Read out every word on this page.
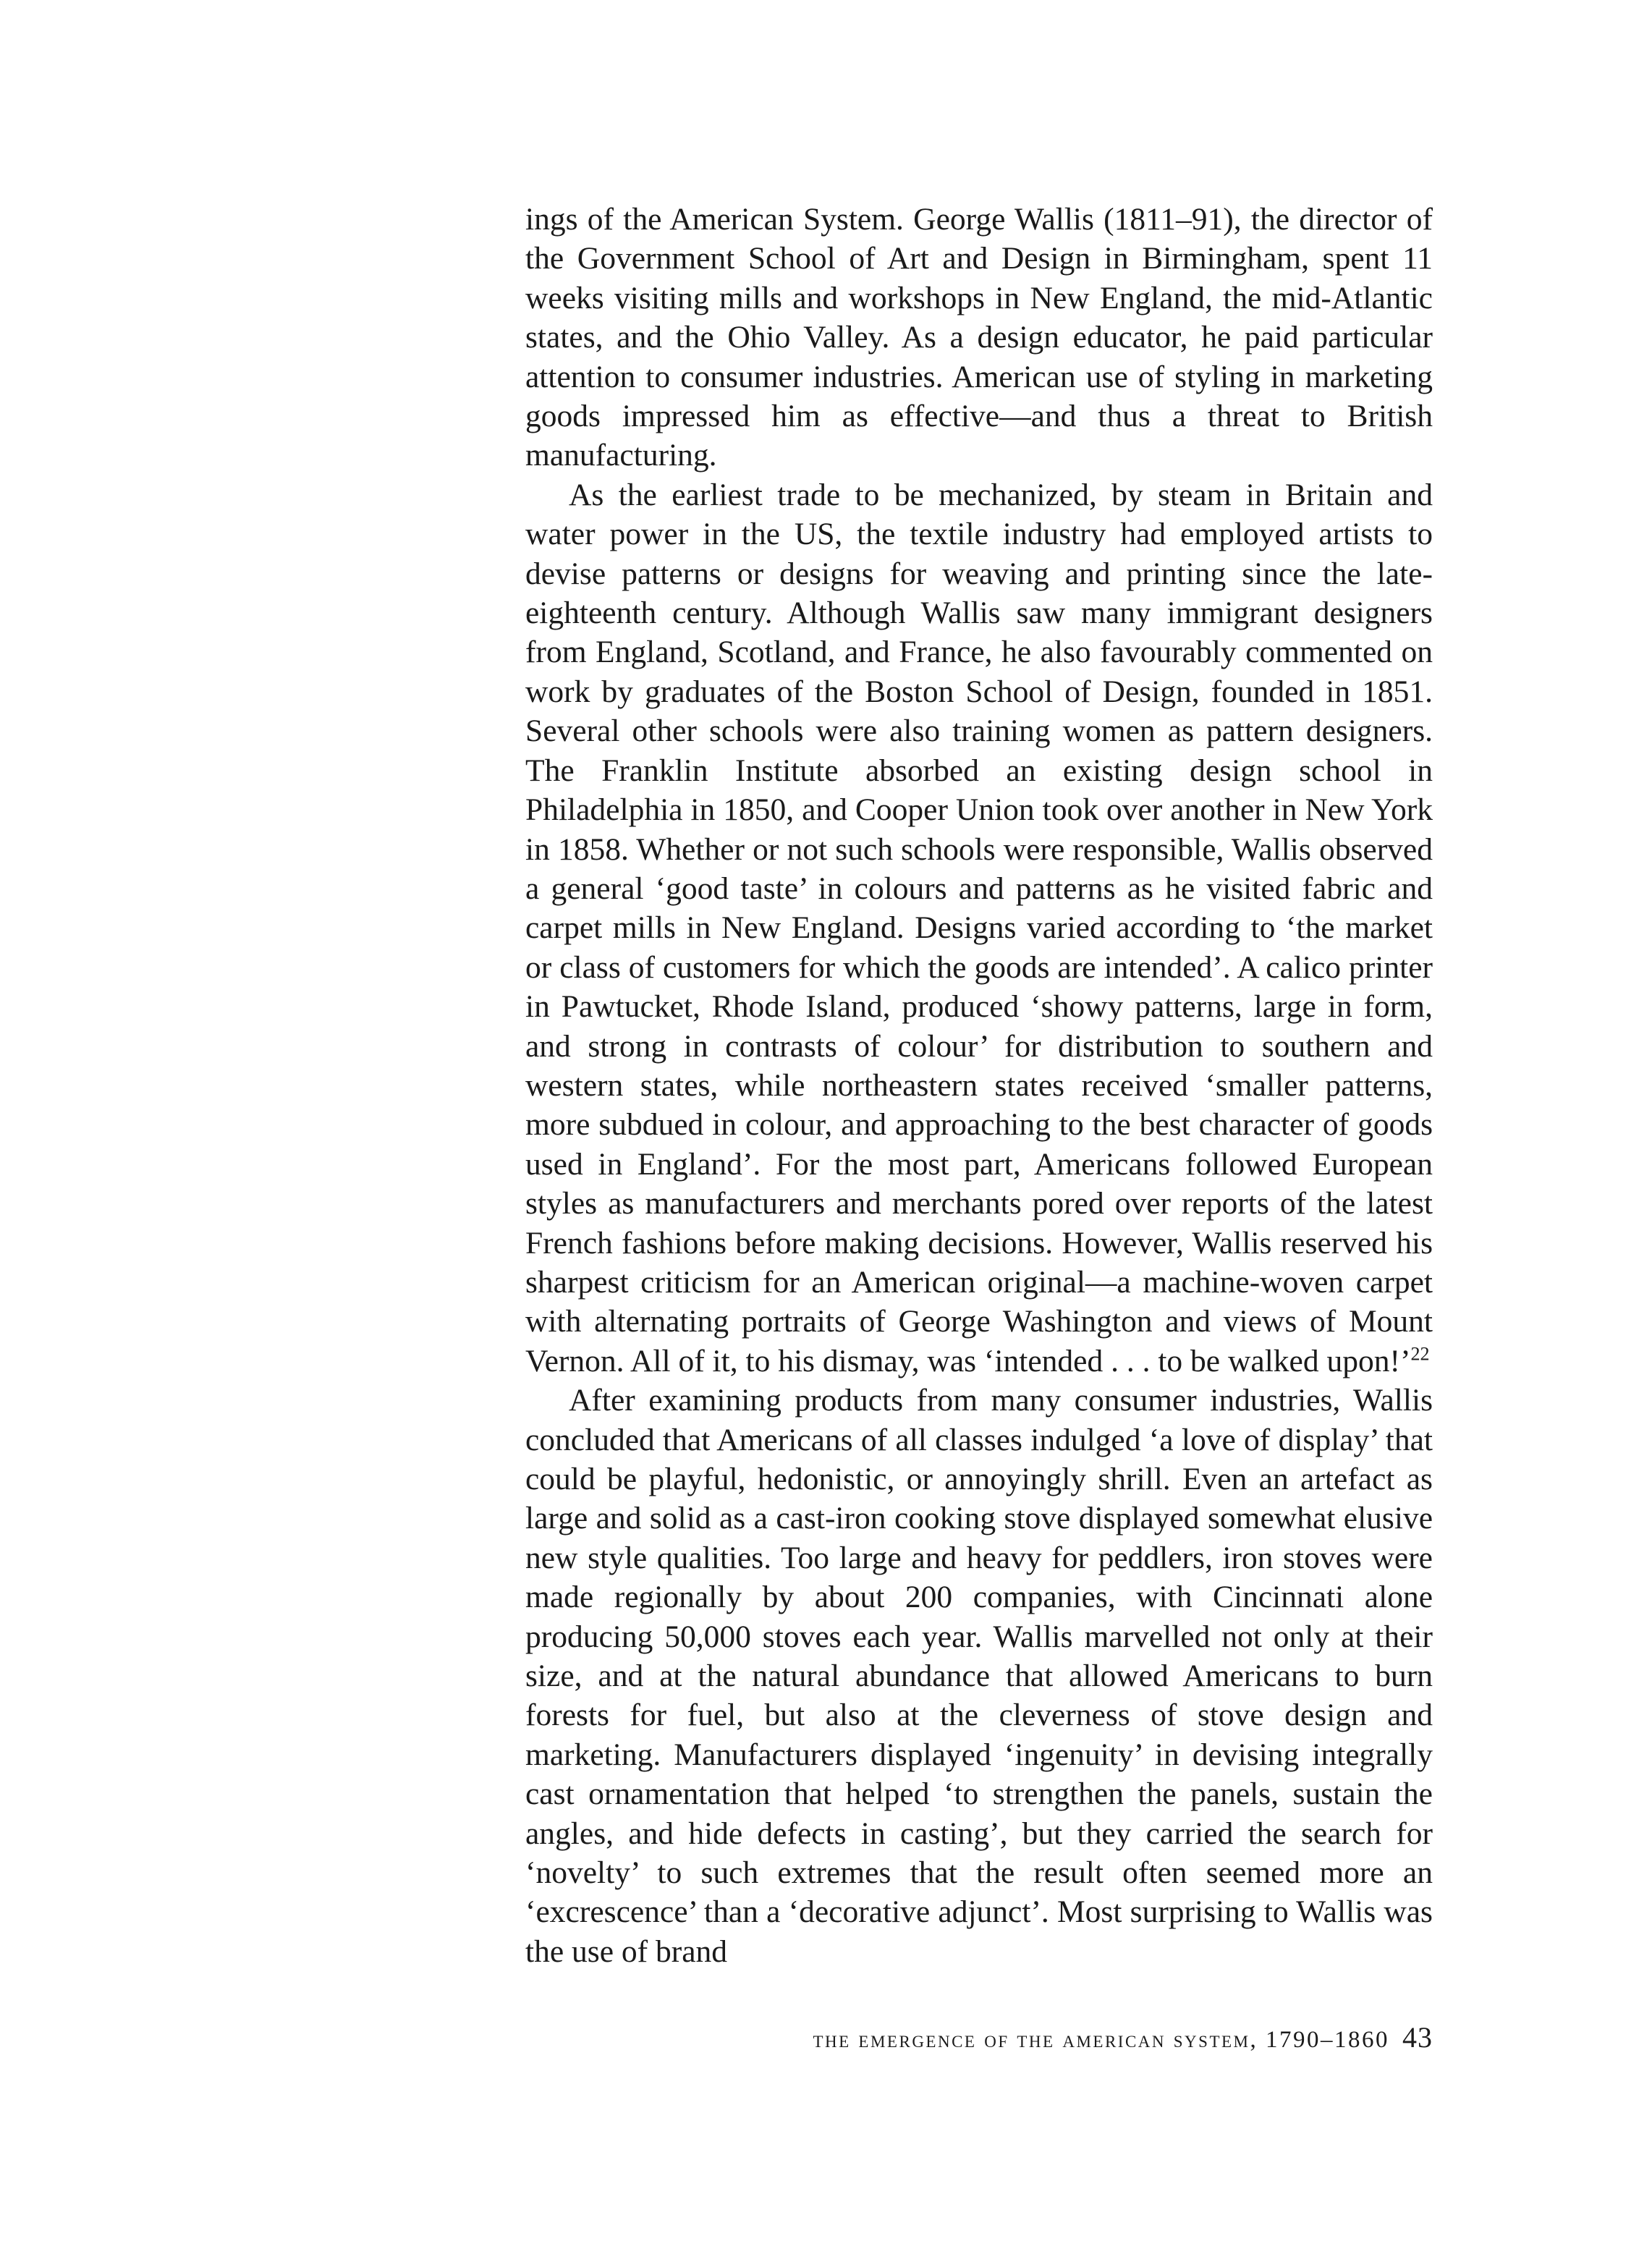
ings of the American System. George Wallis (1811–91), the director of the Government School of Art and Design in Birmingham, spent 11 weeks visiting mills and workshops in New England, the mid-Atlantic states, and the Ohio Valley. As a design educator, he paid particular attention to consumer industries. American use of styling in marketing goods impressed him as effective—and thus a threat to British manufacturing.

As the earliest trade to be mechanized, by steam in Britain and water power in the US, the textile industry had employed artists to devise patterns or designs for weaving and printing since the late-eighteenth century. Although Wallis saw many immigrant designers from England, Scotland, and France, he also favourably commented on work by graduates of the Boston School of Design, founded in 1851. Several other schools were also training women as pattern designers. The Franklin Institute absorbed an existing design school in Philadelphia in 1850, and Cooper Union took over another in New York in 1858. Whether or not such schools were responsible, Wallis observed a general ‘good taste’ in colours and patterns as he visited fabric and carpet mills in New England. Designs varied according to ‘the market or class of customers for which the goods are intended’. A calico printer in Pawtucket, Rhode Island, produced ‘showy patterns, large in form, and strong in contrasts of colour’ for distribution to southern and western states, while northeastern states received ‘smaller patterns, more subdued in colour, and approaching to the best character of goods used in England’. For the most part, Americans followed European styles as manufacturers and merchants pored over reports of the latest French fashions before making decisions. However, Wallis reserved his sharpest criticism for an American original—a machine-woven carpet with alternating portraits of George Washington and views of Mount Vernon. All of it, to his dismay, was ‘intended . . . to be walked upon!’$^{22}$

After examining products from many consumer industries, Wallis concluded that Americans of all classes indulged ‘a love of display’ that could be playful, hedonistic, or annoyingly shrill. Even an artefact as large and solid as a cast-iron cooking stove displayed somewhat elusive new style qualities. Too large and heavy for peddlers, iron stoves were made regionally by about 200 companies, with Cincinnati alone producing 50,000 stoves each year. Wallis marvelled not only at their size, and at the natural abundance that allowed Americans to burn forests for fuel, but also at the cleverness of stove design and marketing. Manufacturers displayed ‘ingenuity’ in devising integrally cast ornamentation that helped ‘to strengthen the panels, sustain the angles, and hide defects in casting’, but they carried the search for ‘novelty’ to such extremes that the result often seemed more an ‘excrescence’ than a ‘decorative adjunct’. Most surprising to Wallis was the use of brand

the emergence of the american system, 1790–1860 43
